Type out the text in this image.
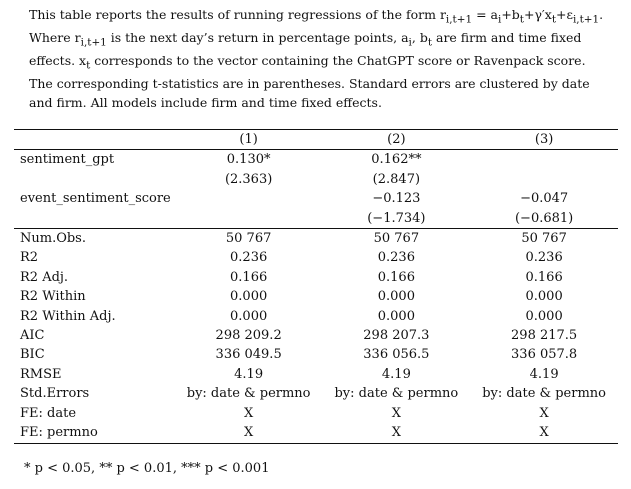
This table reports the results of running regressions of the form $r_{i,t+1} = a_i+b_t+\gamma'x_t+\varepsilon_{i,t+1}$.
Where $r_{i,t+1}$ is the next day’s return in percentage points, $a_i$, $b_t$ are firm and time fixed
effects. $x_t$ corresponds to the vector containing the ChatGPT score or Ravenpack score.
The corresponding t-statistics are in parentheses. Standard errors are clustered by date
and firm. All models include firm and time fixed effects.
	(1)	(2)	(3)
sentiment_gpt	0.130*	0.162**	
	(2.363)	(2.847)	
event_sentiment_score		−0.123	−0.047
		(−1.734)	(−0.681)
Num.Obs.	50 767	50 767	50 767
R2	0.236	0.236	0.236
R2 Adj.	0.166	0.166	0.166
R2 Within	0.000	0.000	0.000
R2 Within Adj.	0.000	0.000	0.000
AIC	298 209.2	298 207.3	298 217.5
BIC	336 049.5	336 056.5	336 057.8
RMSE	4.19	4.19	4.19
Std.Errors	by: date & permno	by: date & permno	by: date & permno
FE: date	X	X	X
FE: permno	X	X	X
* p < 0.05, ** p < 0.01, *** p < 0.001
